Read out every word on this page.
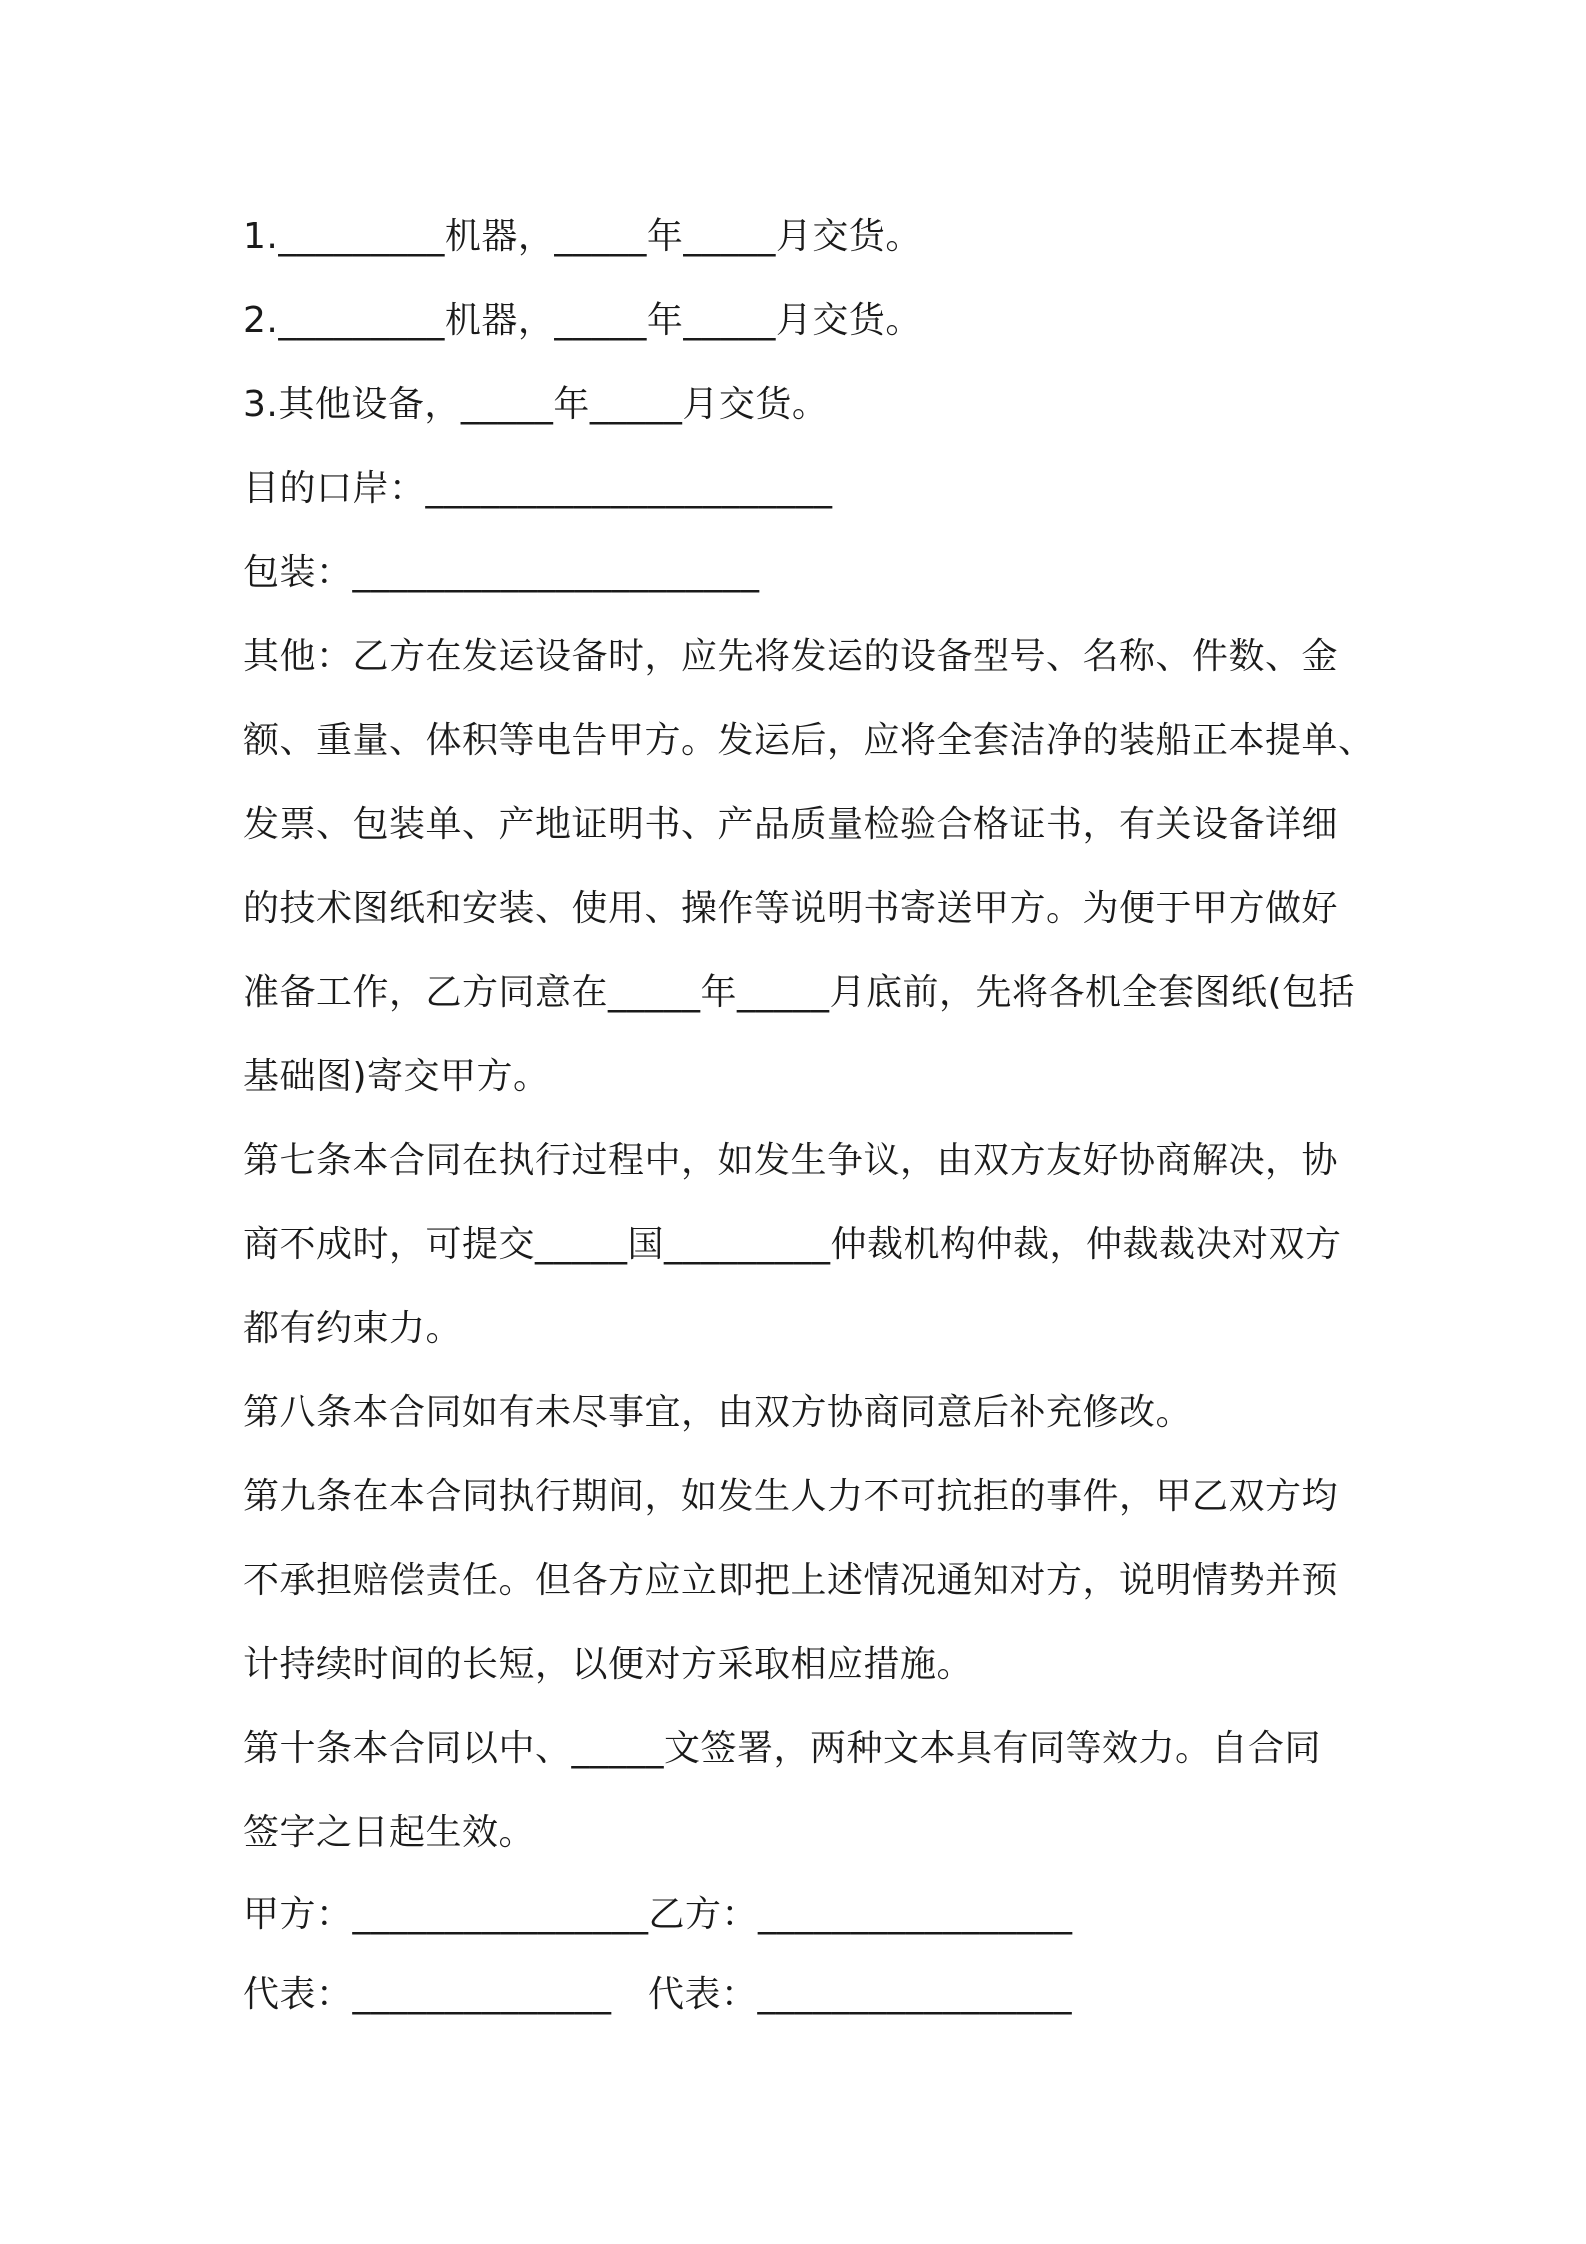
1._________机器，_____年_____月交货。
2._________机器，_____年_____月交货。
3.其他设备，_____年_____月交货。
目的口岸：______________________
包装：______________________
其他：乙方在发运设备时，应先将发运的设备型号、名称、件数、金
额、重量、体积等电告甲方。发运后，应将全套洁净的装船正本提单、
发票、包装单、产地证明书、产品质量检验合格证书，有关设备详细
的技术图纸和安装、使用、操作等说明书寄送甲方。为便于甲方做好
准备工作，乙方同意在_____年_____月底前，先将各机全套图纸(包括
基础图)寄交甲方。
第七条本合同在执行过程中，如发生争议，由双方友好协商解决，协
商不成时，可提交_____国_________仲裁机构仲裁，仲裁裁决对双方
都有约束力。
第八条本合同如有未尽事宜，由双方协商同意后补充修改。
第九条在本合同执行期间，如发生人力不可抗拒的事件，甲乙双方均
不承担赔偿责任。但各方应立即把上述情况通知对方，说明情势并预
计持续时间的长短，以便对方采取相应措施。
第十条本合同以中、_____文签署，两种文本具有同等效力。自合同
签字之日起生效。
甲方：________________乙方：_________________
代表：______________　代表：_________________
